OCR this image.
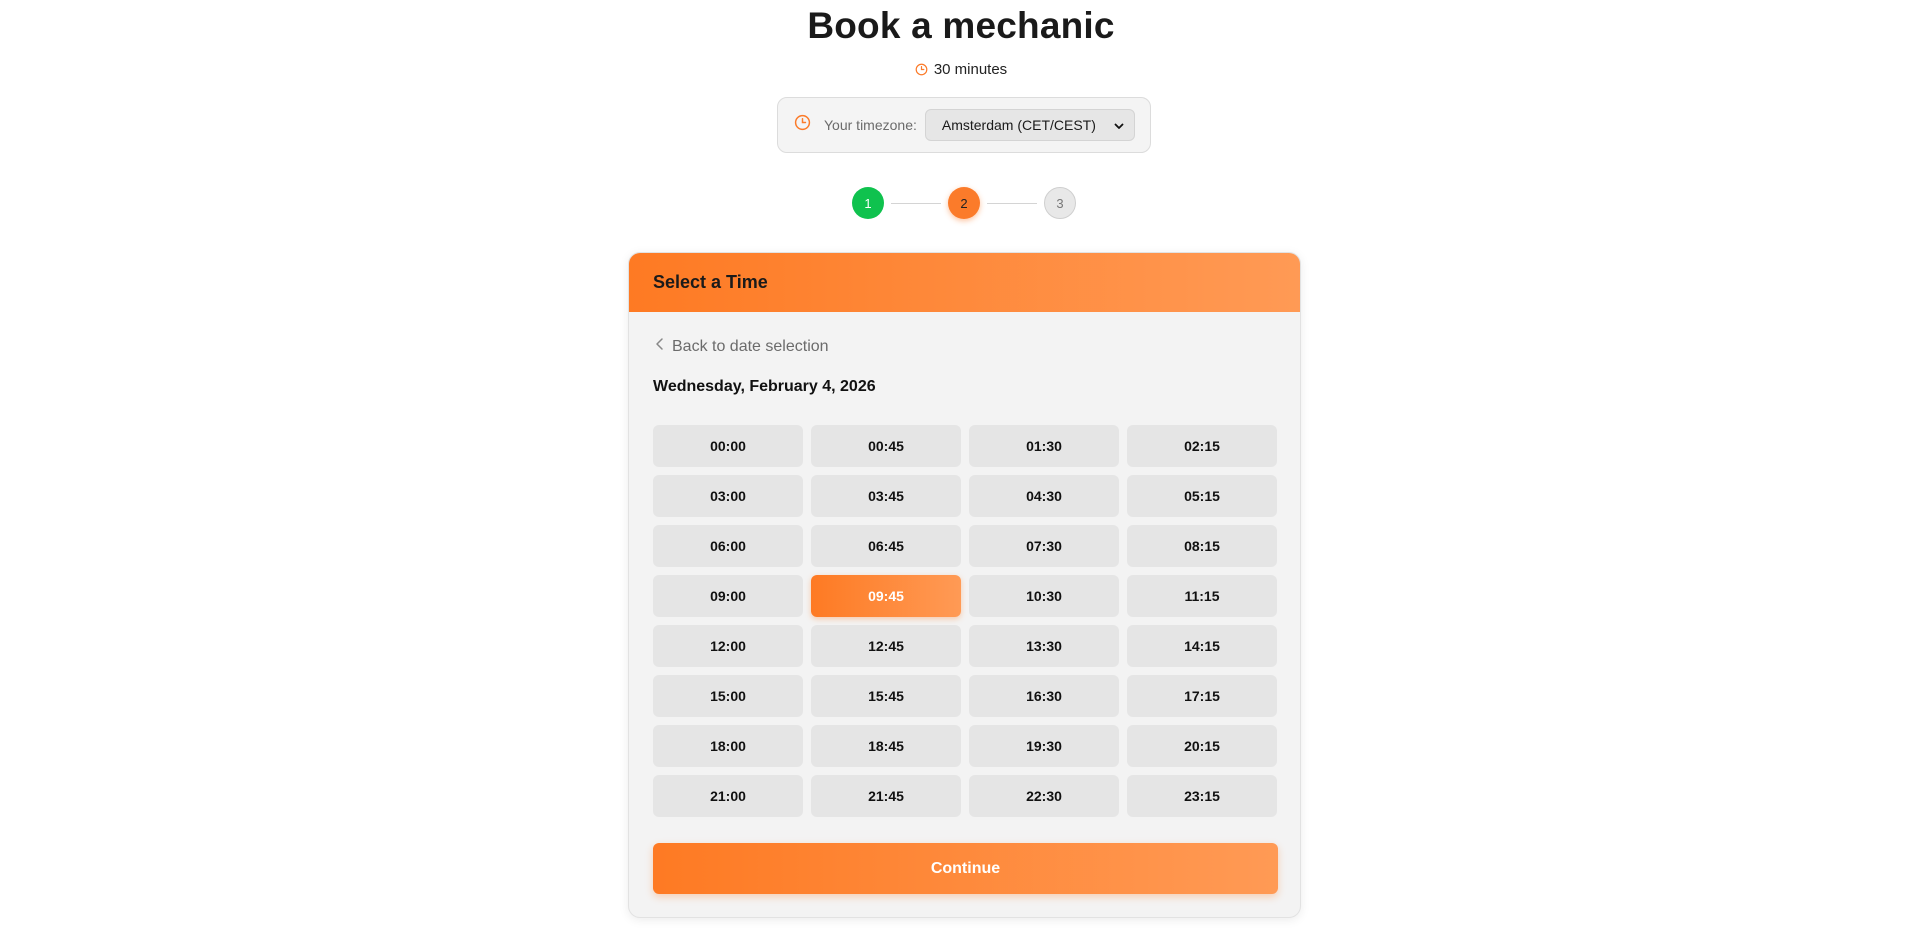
Book a mechanic
30 minutes
Your timezone: Amsterdam (CET/CEST)
1	2	3
Select a Time
Back to date selection
Wednesday, February 4, 2026
00:00	00:45	01:30	02:15
03:00	03:45	04:30	05:15
06:00	06:45	07:30	08:15
09:00	09:45	10:30	11:15
12:00	12:45	13:30	14:15
15:00	15:45	16:30	17:15
18:00	18:45	19:30	20:15
21:00	21:45	22:30	23:15
Continue
